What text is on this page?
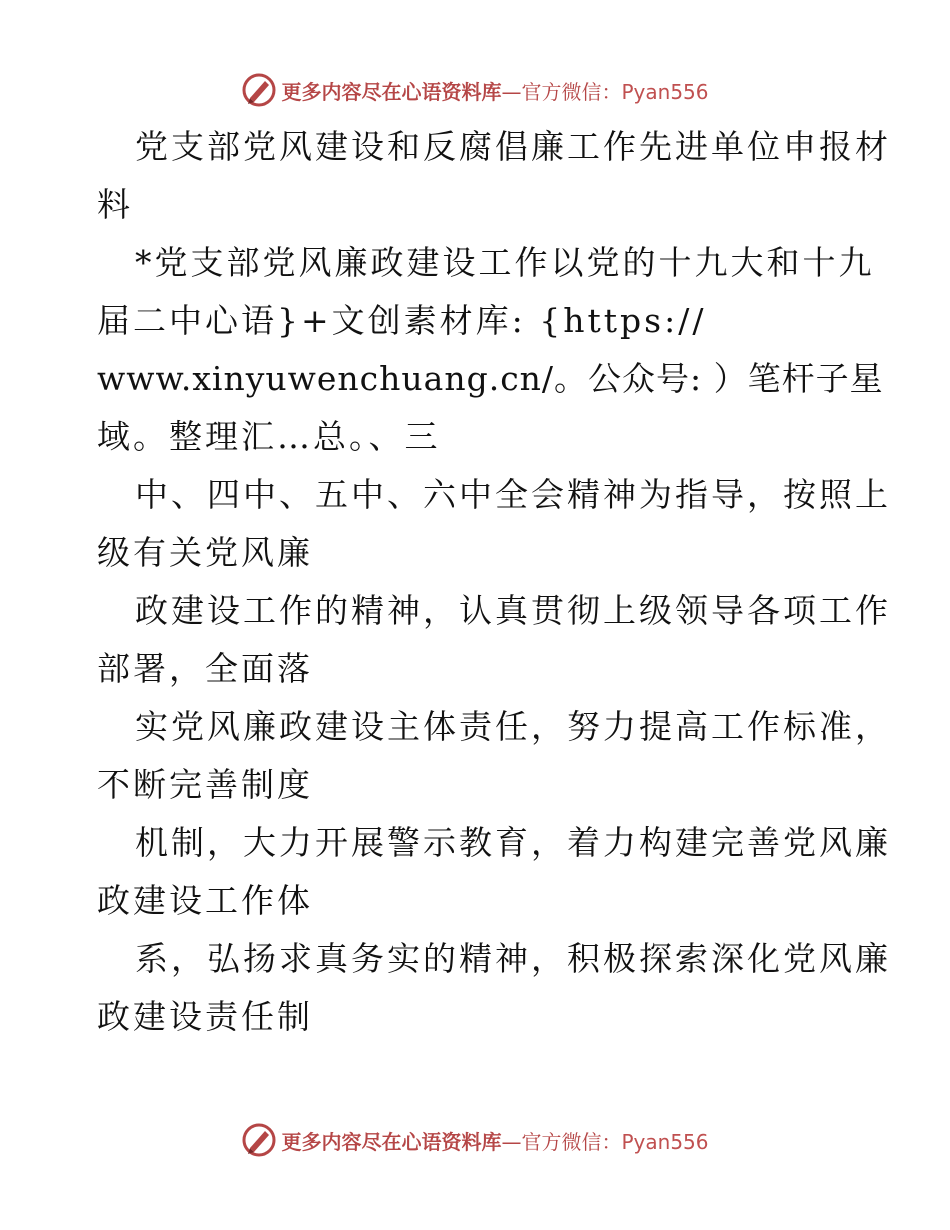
更多内容尽在心语资料库—官方微信：Pyan556

党支部党风建设和反腐倡廉工作先进单位申报材

料
*党支部党风廉政建设工作以党的十九大和十九
届二中心语}+文创素材库: {https://
www.xinyuwenchuang.cn/。公众号: ）笔杆子星
域。整理汇…总。、三
中、四中、五中、六中全会精神为指导，按照上
级有关党风廉
政建设工作的精神，认真贯彻上级领导各项工作
部署，全面落
实党风廉政建设主体责任，努力提高工作标准，
不断完善制度
机制，大力开展警示教育，着力构建完善党风廉
政建设工作体
系，弘扬求真务实的精神，积极探索深化党风廉
政建设责任制
更多内容尽在心语资料库—官方微信：Pyan556
